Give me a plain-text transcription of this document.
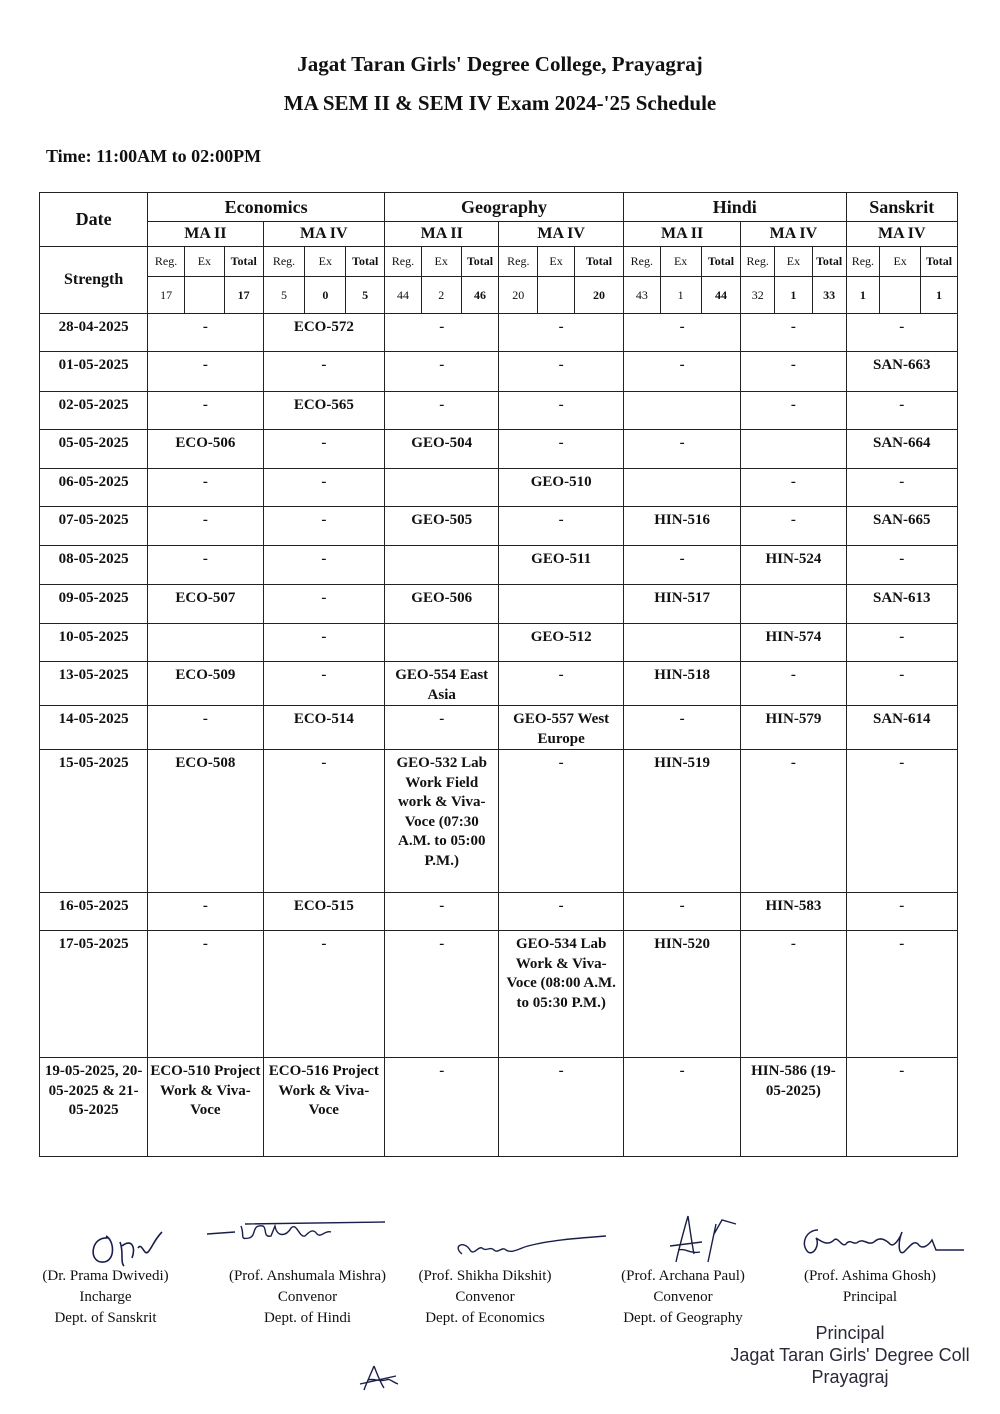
Jagat Taran Girls' Degree College, Prayagraj
MA SEM II & SEM IV Exam 2024-'25 Schedule
Time: 11:00AM to 02:00PM
Date	Economics						Geography						Hindi						Sanskrit		
	MA II			MA IV			MA II			MA IV			MA II			MA IV			MA IV		
Strength	Reg.	Ex	Total	Reg.	Ex	Total	Reg.	Ex	Total	Reg.	Ex	Total	Reg.	Ex	Total	Reg.	Ex	Total	Reg.	Ex	Total
	17		17	5	0	5	44	2	46	20		20	43	1	44	32	1	33	1		1
28-04-2025	-			ECO-572			-			-			-			-			-		
01-05-2025	-			-			-			-			-			-			SAN-663		
02-05-2025	-			ECO-565			-			-						-			-		
05-05-2025	ECO-506			-			GEO-504			-			-						SAN-664		
06-05-2025	-			-						GEO-510						-			-		
07-05-2025	-			-			GEO-505			-			HIN-516			-			SAN-665		
08-05-2025	-			-						GEO-511			-			HIN-524			-		
09-05-2025	ECO-507			-			GEO-506						HIN-517						SAN-613		
10-05-2025				-						GEO-512						HIN-574			-		
13-05-2025	ECO-509			-			GEO-554 East Asia			-			HIN-518			-			-		
14-05-2025	-			ECO-514			-			GEO-557 West Europe			-			HIN-579			SAN-614		
15-05-2025	ECO-508			-			GEO-532 Lab Work Field work & Viva-Voce (07:30 A.M. to 05:00 P.M.)			-			HIN-519			-			-		
16-05-2025	-			ECO-515			-			-			-			HIN-583			-		
17-05-2025	-			-			-			GEO-534 Lab Work & Viva-Voce (08:00 A.M. to 05:30 P.M.)			HIN-520			-			-		
19-05-2025, 20-05-2025 & 21-05-2025	ECO-510 Project Work & Viva-Voce			ECO-516 Project Work & Viva-Voce			-			-			-			HIN-586 (19-05-2025)			-		
(Dr. Prama Dwivedi)
Incharge
Dept. of Sanskrit
(Prof. Anshumala Mishra)
Convenor
Dept. of Hindi
(Prof. Shikha Dikshit)
Convenor
Dept. of Economics
(Prof. Archana Paul)
Convenor
Dept. of Geography
(Prof. Ashima Ghosh)
Principal
Principal
Jagat Taran Girls' Degree Coll
Prayagraj
